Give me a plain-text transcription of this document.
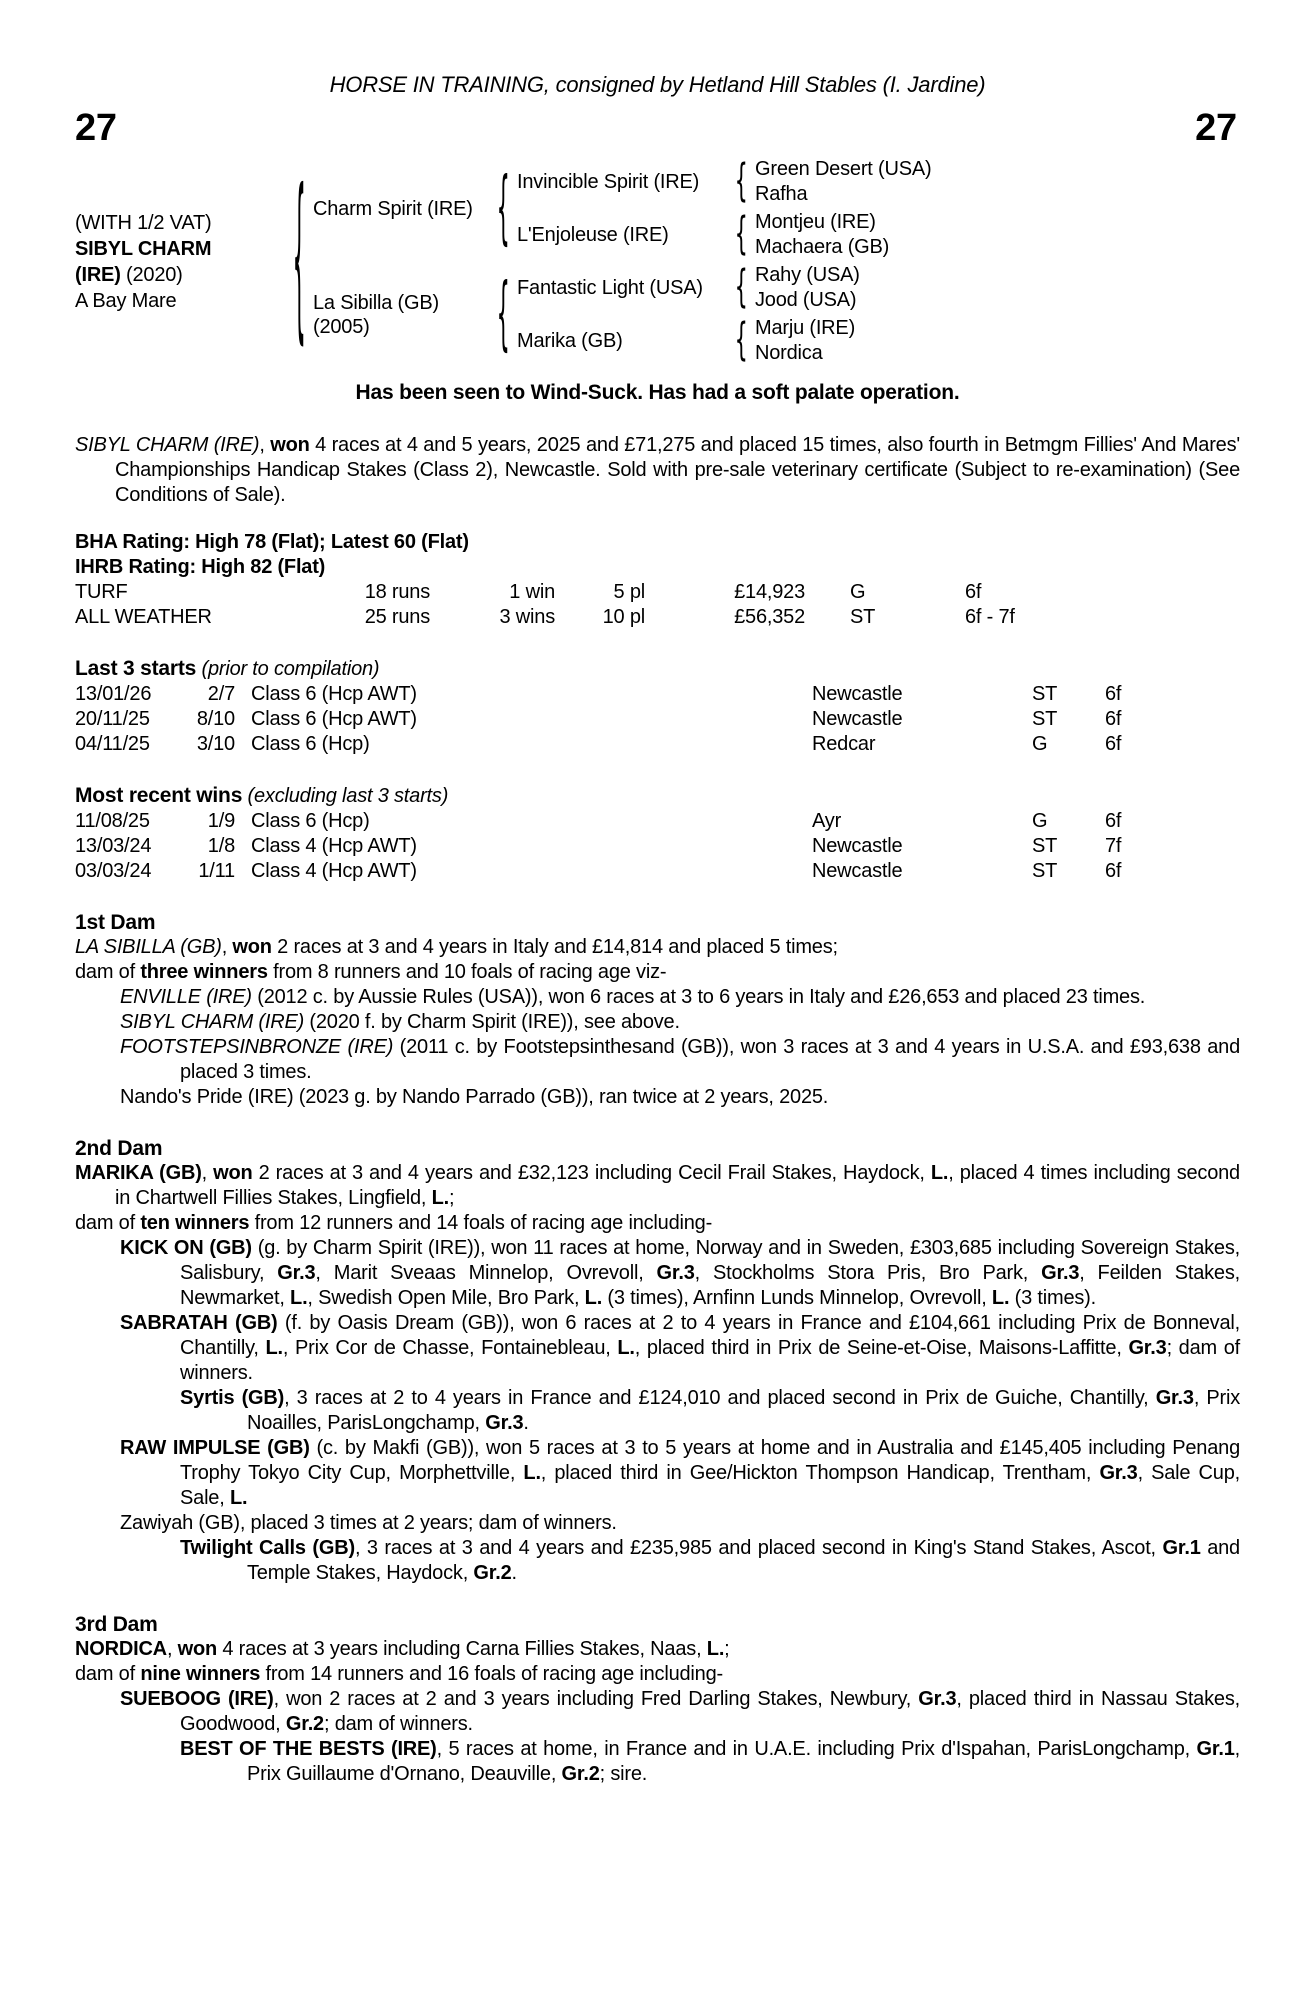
HORSE IN TRAINING, consigned by Hetland Hill Stables (I. Jardine)
27	27
(WITH 1/2 VAT)
SIBYL CHARM
(IRE) (2020)
A Bay Mare	{ Charm Spirit (IRE) { Invincible Spirit (IRE)	{ Green Desert (USA)
Rafha
L'Enjoleuse (IRE)	{ Montjeu (IRE)
Machaera (GB)
La Sibilla (GB)
(2005)	{ Fantastic Light (USA)	{ Rahy (USA)
Jood (USA)
Marika (GB)	{ Marju (IRE)
Nordica
Has been seen to Wind-Suck. Has had a soft palate operation.

SIBYL CHARM (IRE), won 4 races at 4 and 5 years, 2025 and £71,275 and placed 15 times, also fourth in Betmgm Fillies' And Mares' Championships Handicap Stakes (Class 2), Newcastle. Sold with pre-sale veterinary certificate (Subject to re-examination) (See Conditions of Sale).

BHA Rating: High 78 (Flat); Latest 60 (Flat)
IHRB Rating: High 82 (Flat)
TURF	18 runs	1 win	5 pl	£14,923	G	6f
ALL WEATHER	25 runs	3 wins	10 pl	£56,352	ST	6f - 7f
Last 3 starts (prior to compilation)
13/01/26	2/7 Class 6 (Hcp AWT)	Newcastle	ST	6f
20/11/25	8/10 Class 6 (Hcp AWT)	Newcastle	ST	6f
04/11/25	3/10 Class 6 (Hcp)	Redcar	G	6f
Most recent wins (excluding last 3 starts)
11/08/25	1/9 Class 6 (Hcp)	Ayr	G	6f
13/03/24	1/8 Class 4 (Hcp AWT)	Newcastle	ST	7f
03/03/24	1/11 Class 4 (Hcp AWT)	Newcastle	ST	6f
1st Dam

LA SIBILLA (GB), won 2 races at 3 and 4 years in Italy and £14,814 and placed 5 times;

dam of three winners from 8 runners and 10 foals of racing age viz-

ENVILLE (IRE) (2012 c. by Aussie Rules (USA)), won 6 races at 3 to 6 years in Italy and £26,653 and placed 23 times.

SIBYL CHARM (IRE) (2020 f. by Charm Spirit (IRE)), see above.

FOOTSTEPSINBRONZE (IRE) (2011 c. by Footstepsinthesand (GB)), won 3 races at 3 and 4 years in U.S.A. and £93,638 and placed 3 times.

Nando's Pride (IRE) (2023 g. by Nando Parrado (GB)), ran twice at 2 years, 2025.

2nd Dam

MARIKA (GB), won 2 races at 3 and 4 years and £32,123 including Cecil Frail Stakes, Haydock, L., placed 4 times including second in Chartwell Fillies Stakes, Lingfield, L.;

dam of ten winners from 12 runners and 14 foals of racing age including-

KICK ON (GB) (g. by Charm Spirit (IRE)), won 11 races at home, Norway and in Sweden, £303,685 including Sovereign Stakes, Salisbury, Gr.3, Marit Sveaas Minnelop, Ovrevoll, Gr.3, Stockholms Stora Pris, Bro Park, Gr.3, Feilden Stakes, Newmarket, L., Swedish Open Mile, Bro Park, L. (3 times), Arnfinn Lunds Minnelop, Ovrevoll, L. (3 times).

SABRATAH (GB) (f. by Oasis Dream (GB)), won 6 races at 2 to 4 years in France and £104,661 including Prix de Bonneval, Chantilly, L., Prix Cor de Chasse, Fontainebleau, L., placed third in Prix de Seine-et-Oise, Maisons-Laffitte, Gr.3; dam of winners.

Syrtis (GB), 3 races at 2 to 4 years in France and £124,010 and placed second in Prix de Guiche, Chantilly, Gr.3, Prix Noailles, ParisLongchamp, Gr.3.

RAW IMPULSE (GB) (c. by Makfi (GB)), won 5 races at 3 to 5 years at home and in Australia and £145,405 including Penang Trophy Tokyo City Cup, Morphettville, L., placed third in Gee/Hickton Thompson Handicap, Trentham, Gr.3, Sale Cup, Sale, L.

Zawiyah (GB), placed 3 times at 2 years; dam of winners.

Twilight Calls (GB), 3 races at 3 and 4 years and £235,985 and placed second in King's Stand Stakes, Ascot, Gr.1 and Temple Stakes, Haydock, Gr.2.

3rd Dam

NORDICA, won 4 races at 3 years including Carna Fillies Stakes, Naas, L.;

dam of nine winners from 14 runners and 16 foals of racing age including-

SUEBOOG (IRE), won 2 races at 2 and 3 years including Fred Darling Stakes, Newbury, Gr.3, placed third in Nassau Stakes, Goodwood, Gr.2; dam of winners.

BEST OF THE BESTS (IRE), 5 races at home, in France and in U.A.E. including Prix d'Ispahan, ParisLongchamp, Gr.1, Prix Guillaume d'Ornano, Deauville, Gr.2; sire.
